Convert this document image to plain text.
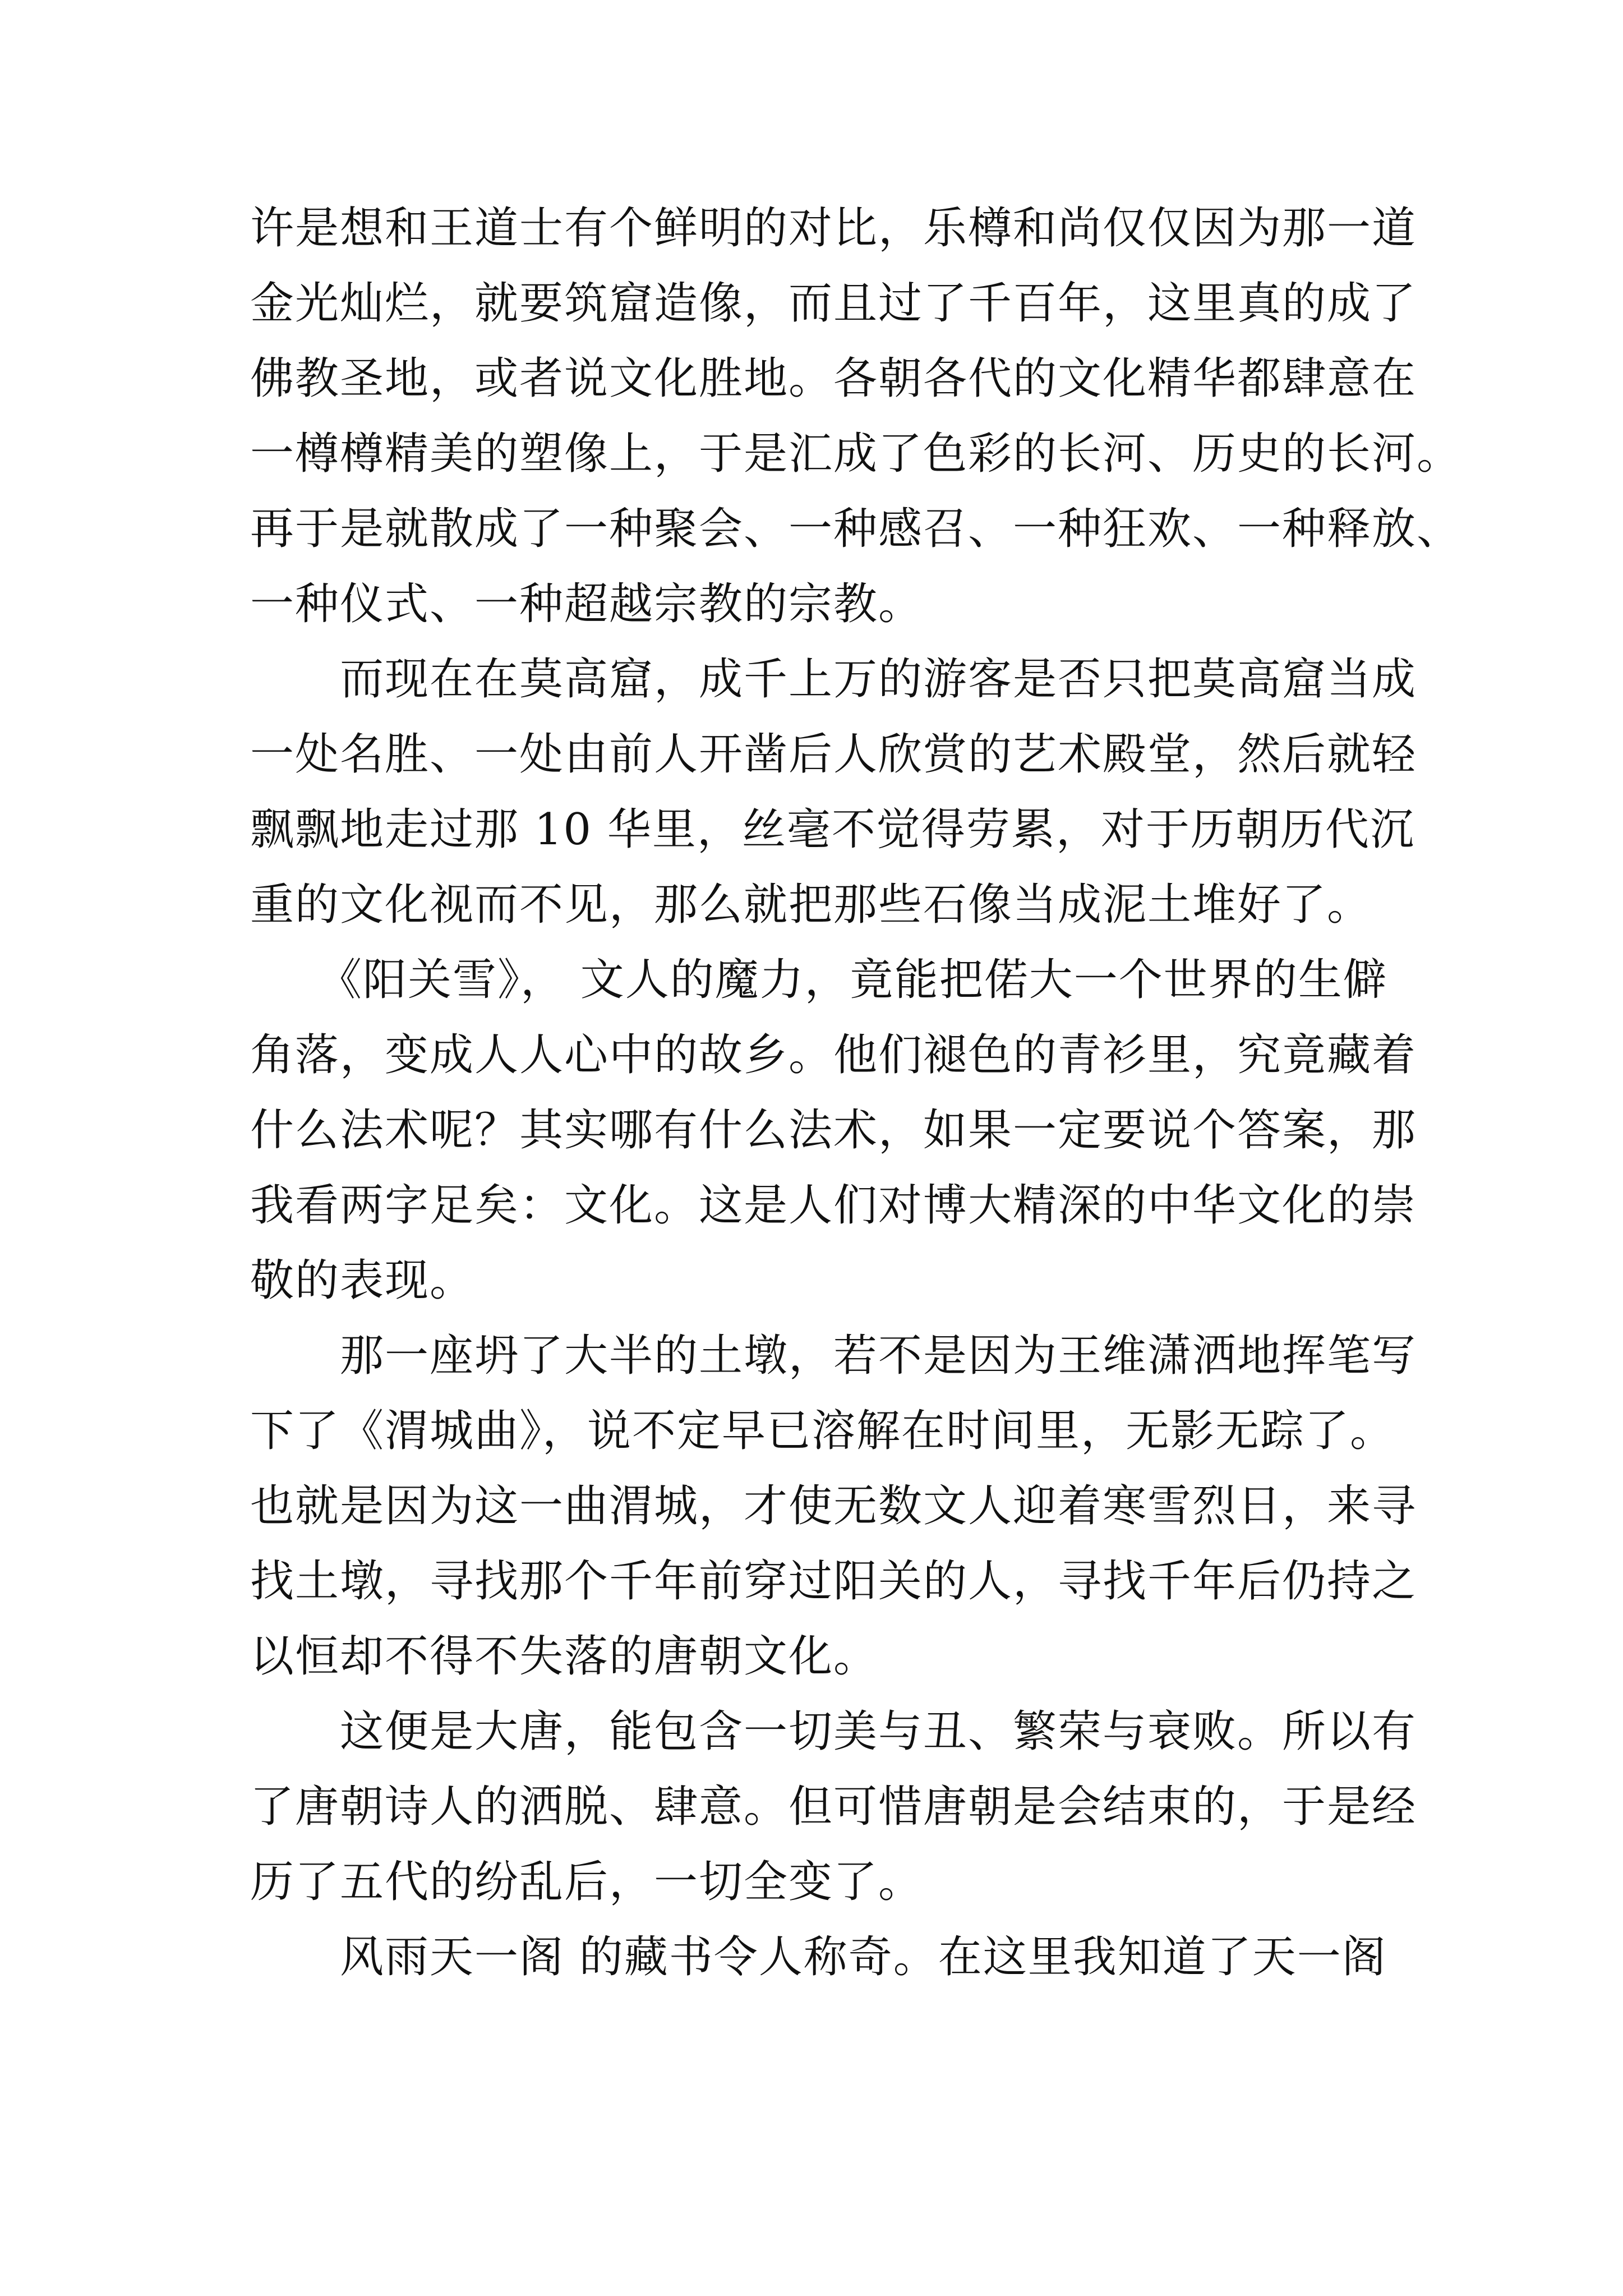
许是想和王道士有个鲜明的对比，乐樽和尚仅仅因为那一道
金光灿烂，就要筑窟造像，而且过了千百年，这里真的成了
佛教圣地，或者说文化胜地。各朝各代的文化精华都肆意在
一樽樽精美的塑像上，于是汇成了色彩的长河、历史的长河。
再于是就散成了一种聚会、一种感召、一种狂欢、一种释放、
一种仪式、一种超越宗教的宗教。
　　而现在在莫高窟，成千上万的游客是否只把莫高窟当成
一处名胜、一处由前人开凿后人欣赏的艺术殿堂，然后就轻
飘飘地走过那 10 华里，丝毫不觉得劳累，对于历朝历代沉
重的文化视而不见，那么就把那些石像当成泥土堆好了。
　　《阳关雪》， 文人的魔力，竟能把偌大一个世界的生僻
角落，变成人人心中的故乡。他们褪色的青衫里，究竟藏着
什么法术呢？其实哪有什么法术，如果一定要说个答案，那
我看两字足矣：文化。这是人们对博大精深的中华文化的崇
敬的表现。
　　那一座坍了大半的土墩，若不是因为王维潇洒地挥笔写
下了《渭城曲》，说不定早已溶解在时间里，无影无踪了。
也就是因为这一曲渭城，才使无数文人迎着寒雪烈日，来寻
找土墩，寻找那个千年前穿过阳关的人，寻找千年后仍持之
以恒却不得不失落的唐朝文化。
　　这便是大唐，能包含一切美与丑、繁荣与衰败。所以有
了唐朝诗人的洒脱、肆意。但可惜唐朝是会结束的，于是经
历了五代的纷乱后，一切全变了。
　　风雨天一阁 的藏书令人称奇。在这里我知道了天一阁
